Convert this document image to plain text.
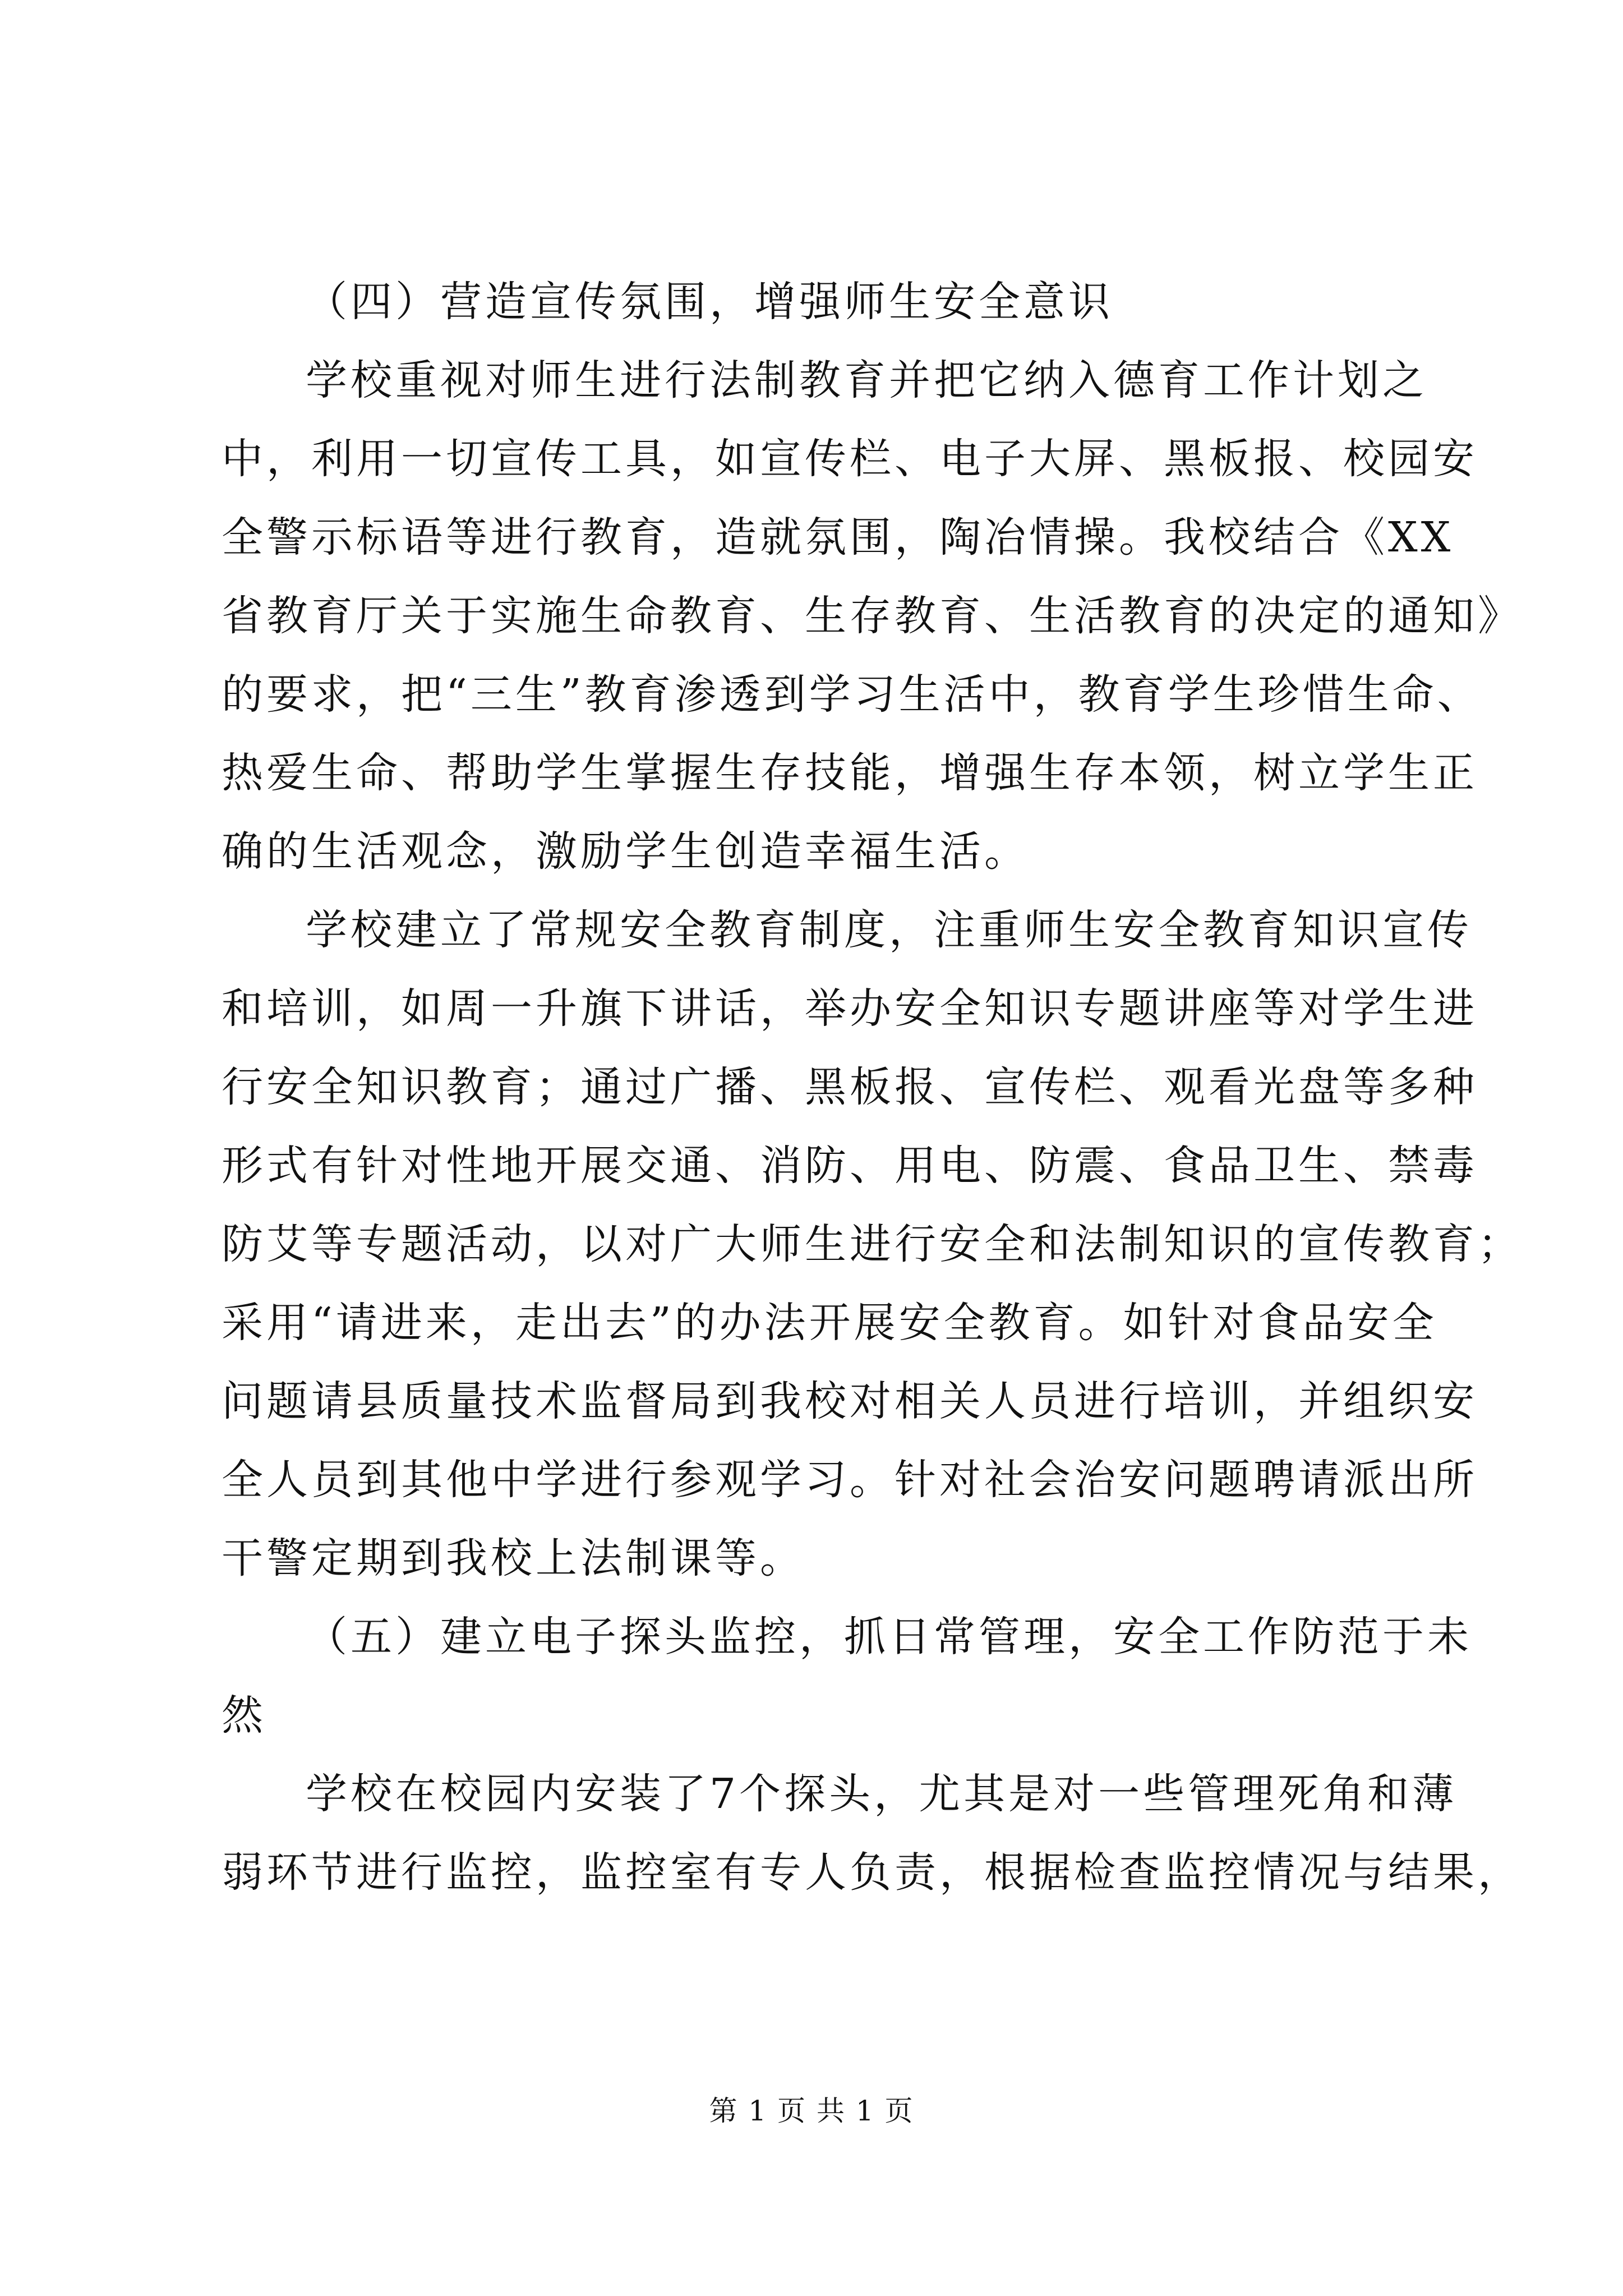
（四）营造宣传氛围，增强师生安全意识
学校重视对师生进行法制教育并把它纳入德育工作计划之
中，利用一切宣传工具，如宣传栏、电子大屏、黑板报、校园安
全警示标语等进行教育，造就氛围，陶冶情操。我校结合《XX
省教育厅关于实施生命教育、生存教育、生活教育的决定的通知》
的要求，把“三生”教育渗透到学习生活中，教育学生珍惜生命、
热爱生命、帮助学生掌握生存技能，增强生存本领，树立学生正
确的生活观念，激励学生创造幸福生活。
学校建立了常规安全教育制度，注重师生安全教育知识宣传
和培训，如周一升旗下讲话，举办安全知识专题讲座等对学生进
行安全知识教育；通过广播、黑板报、宣传栏、观看光盘等多种
形式有针对性地开展交通、消防、用电、防震、食品卫生、禁毒
防艾等专题活动，以对广大师生进行安全和法制知识的宣传教育；
采用“请进来，走出去”的办法开展安全教育。如针对食品安全
问题请县质量技术监督局到我校对相关人员进行培训，并组织安
全人员到其他中学进行参观学习。针对社会治安问题聘请派出所
干警定期到我校上法制课等。
（五）建立电子探头监控，抓日常管理，安全工作防范于未
然
学校在校园内安装了7个探头，尤其是对一些管理死角和薄
弱环节进行监控，监控室有专人负责，根据检查监控情况与结果，
第 1 页 共 1 页
